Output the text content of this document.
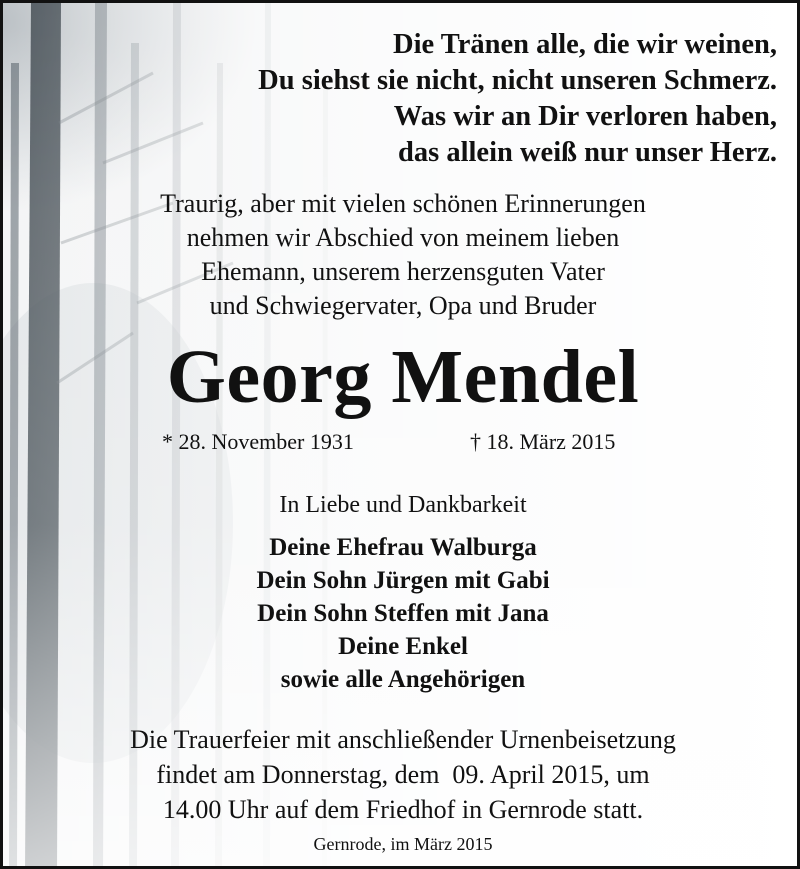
Die Tränen alle, die wir weinen,
Du siehst sie nicht, nicht unseren Schmerz.
Was wir an Dir verloren haben,
das allein weiß nur unser Herz.
Traurig, aber mit vielen schönen Erinnerungen
nehmen wir Abschied von meinem lieben
Ehemann, unserem herzensguten Vater
und Schwiegervater, Opa und Bruder
Georg Mendel
* 28. November 1931	† 18. März 2015
In Liebe und Dankbarkeit
Deine Ehefrau Walburga
Dein Sohn Jürgen mit Gabi
Dein Sohn Steffen mit Jana
Deine Enkel
sowie alle Angehörigen
Die Trauerfeier mit anschließender Urnenbeisetzung
findet am Donnerstag, dem  09. April 2015, um
14.00 Uhr auf dem Friedhof in Gernrode statt.
Gernrode, im März 2015
